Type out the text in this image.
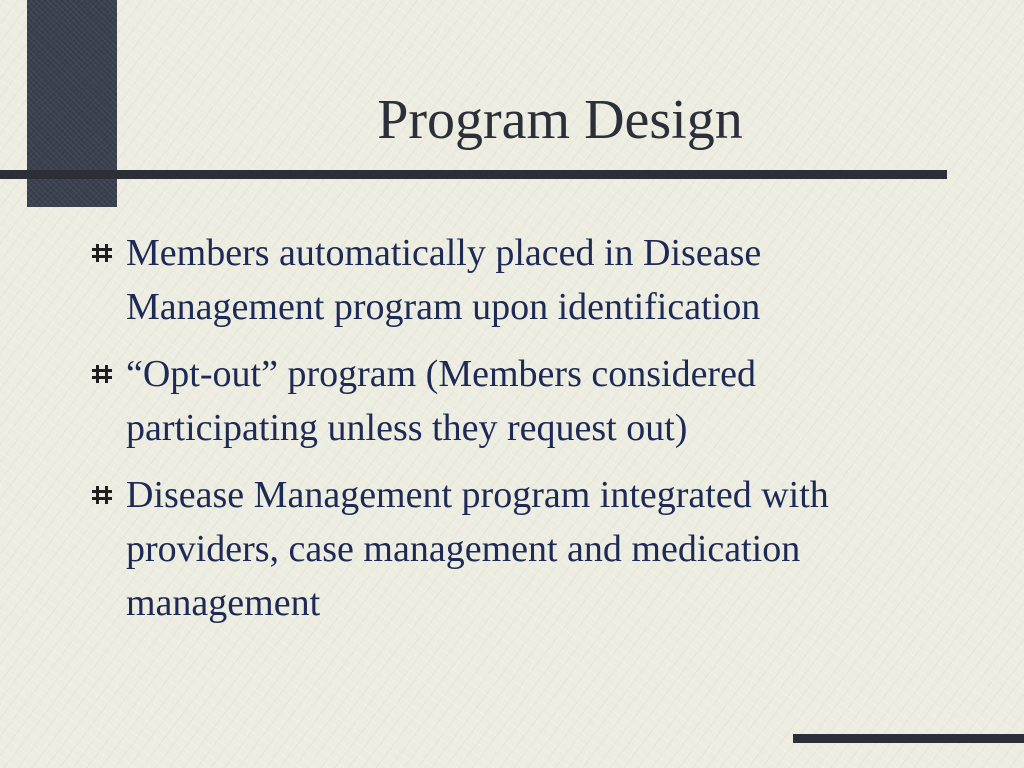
Program Design
Members automatically placed in Disease Management program upon identification
“Opt-out” program (Members considered participating unless they request out)
Disease Management program integrated with providers, case management and medication management
